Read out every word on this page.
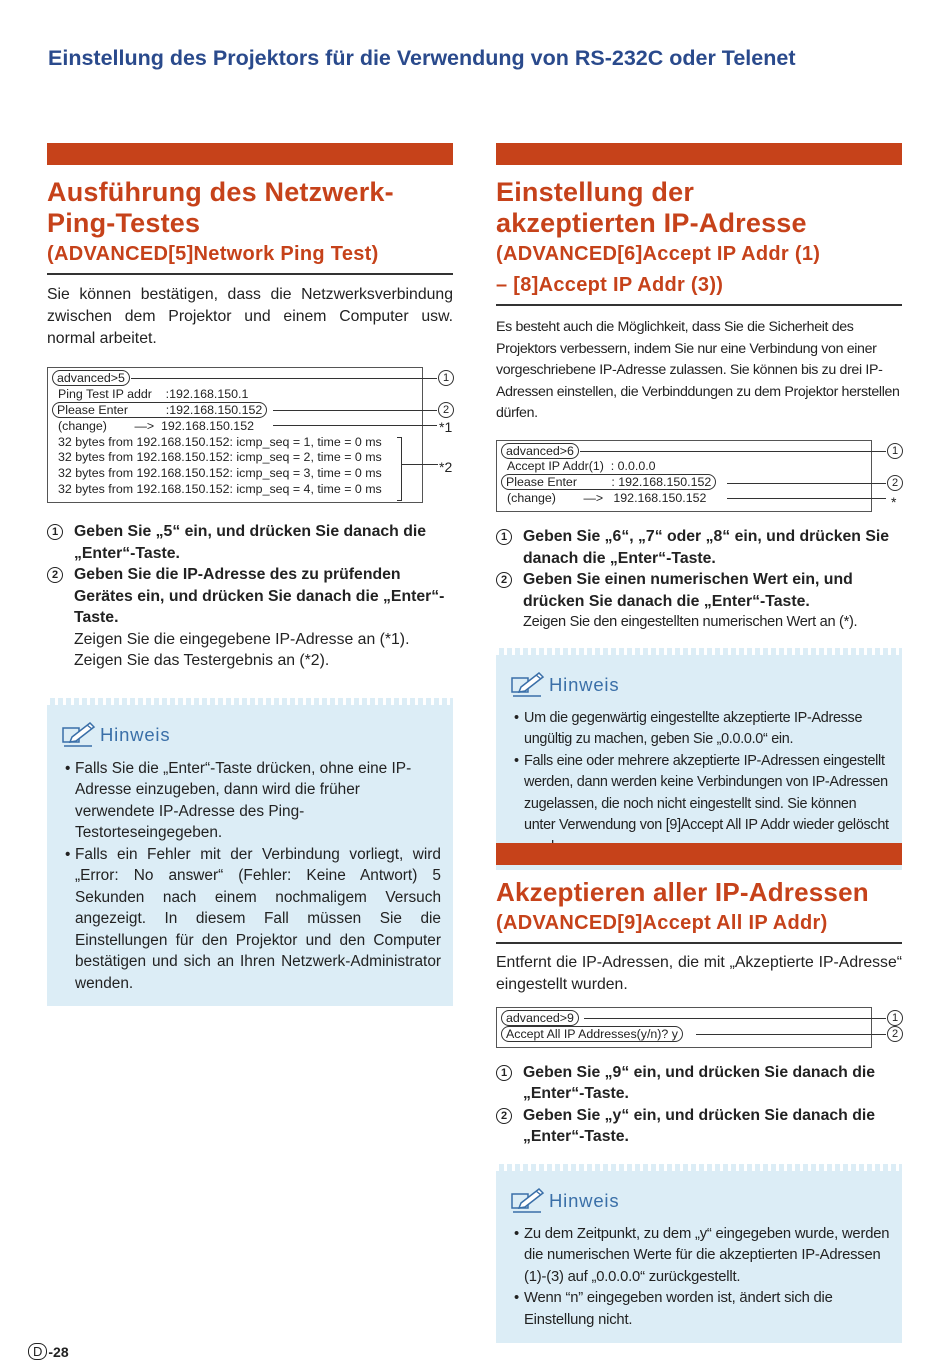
Einstellung des Projektors für die Verwendung von RS-232C oder Telenet
Ausführung des Netzwerk-
Ping-Testes
(ADVANCED[5]Network Ping Test)

Sie können bestätigen, dass die Netzwerksverbindung zwischen dem Projektor und einem Computer usw. normal arbeitet.

advanced>5
Ping Test IP addr    :192.168.150.1
Please Enter           :192.168.150.152
(change)        —>  192.168.150.152
32 bytes from 192.168.150.152: icmp_seq = 1, time = 0 ms
32 bytes from 192.168.150.152: icmp_seq = 2, time = 0 ms
32 bytes from 192.168.150.152: icmp_seq = 3, time = 0 ms
32 bytes from 192.168.150.152: icmp_seq = 4, time = 0 ms
1
2
*1
*2
1	Geben Sie „5“ ein, und drücken Sie danach die „Enter“-Taste.
2	Geben Sie die IP-Adresse des zu prüfenden Gerätes ein, und drücken Sie danach die „Enter“-Taste.
Zeigen Sie die eingegebene IP-Adresse an (*1).
Zeigen Sie das Testergebnis an (*2).
Hinweis
• Falls Sie die „Enter“-Taste drücken, ohne eine IP-Adresse einzugeben, dann wird die früher verwendete IP-Adresse des Ping-Testorteseingegeben.
• Falls ein Fehler mit der Verbindung vorliegt, wird „Error: No answer“ (Fehler: Keine Antwort) 5 Sekunden nach einem nochmaligem Versuch angezeigt. In diesem Fall müssen Sie die Einstellungen für den Projektor und den Computer bestätigen und sich an Ihren Netzwerk-Administrator wenden.
Einstellung der
akzeptierten IP-Adresse
(ADVANCED[6]Accept IP Addr (1)
– [8]Accept IP Addr (3))

Es besteht auch die Möglichkeit, dass Sie die Sicherheit des Projektors verbessern, indem Sie nur eine Verbindung von einer vorgeschriebene IP-Adresse zulassen. Sie können bis zu drei IP-Adressen einstellen, die Verbinddungen zu dem Projektor herstellen dürfen.

advanced>6
Accept IP Addr(1)  : 0.0.0.0
Please Enter          : 192.168.150.152
(change)        —>   192.168.150.152
1
2
*
1	Geben Sie „6“, „7“ oder „8“ ein, und drücken Sie danach die „Enter“-Taste.
2	Geben Sie einen numerischen Wert ein, und drücken Sie danach die „Enter“-Taste.
Zeigen Sie den eingestellten numerischen Wert an (*).
Hinweis
• Um die gegenwärtig eingestellte akzeptierte IP-Adresse ungültig zu machen, geben Sie „0.0.0.0“ ein.
• Falls eine oder mehrere akzeptierte IP-Adressen eingestellt werden, dann werden keine Verbindungen von IP-Adressen zugelassen, die noch nicht eingestellt sind. Sie können unter Verwendung von [9]Accept All IP Addr wieder gelöscht
Akzeptieren aller IP-Adressen
(ADVANCED[9]Accept All IP Addr)

Entfernt die IP-Adressen, die mit „Akzeptierte IP-Adresse“ eingestellt wurden.

advanced>9
Accept All IP Addresses(y/n)? y
1
2
1	Geben Sie „9“ ein, und drücken Sie danach die „Enter“-Taste.
2	Geben Sie „y“ ein, und drücken Sie danach die „Enter“-Taste.
Hinweis
• Zu dem Zeitpunkt, zu dem „y“ eingegeben wurde, werden die numerischen Werte für die akzeptierten IP-Adressen (1)-(3) auf „0.0.0.0“ zurückgestellt.
• Wenn “n” eingegeben worden ist, ändert sich die Einstellung nicht.
D -28
